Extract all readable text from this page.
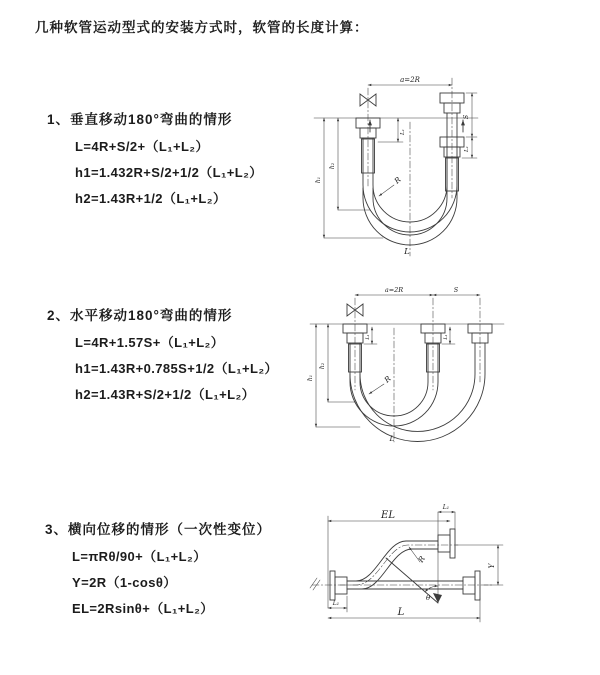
几种软管运动型式的安装方式时，软管的长度计算：
1、垂直移动180°弯曲的情形
L=4R+S/2+（L₁+L₂）
h1=1.432R+S/2+1/2（L₁+L₂）
h2=1.43R+1/2（L₁+L₂）
2、水平移动180°弯曲的情形
L=4R+1.57S+（L₁+L₂）
h1=1.43R+0.785S+1/2（L₁+L₂）
h2=1.43R+S/2+1/2（L₁+L₂）
3、横向位移的情形（一次性变位）
L=πRθ/90+（L₁+L₂）
Y=2R（1-cosθ）
EL=2Rsinθ+（L₁+L₂）
a=2R
L₁
S
L₁
h₂
h₁	R
L
a=2R	S
L₁	L₁
h₂
h₁	R
L
EL
L₁
Y
θ
R
L
L₁
